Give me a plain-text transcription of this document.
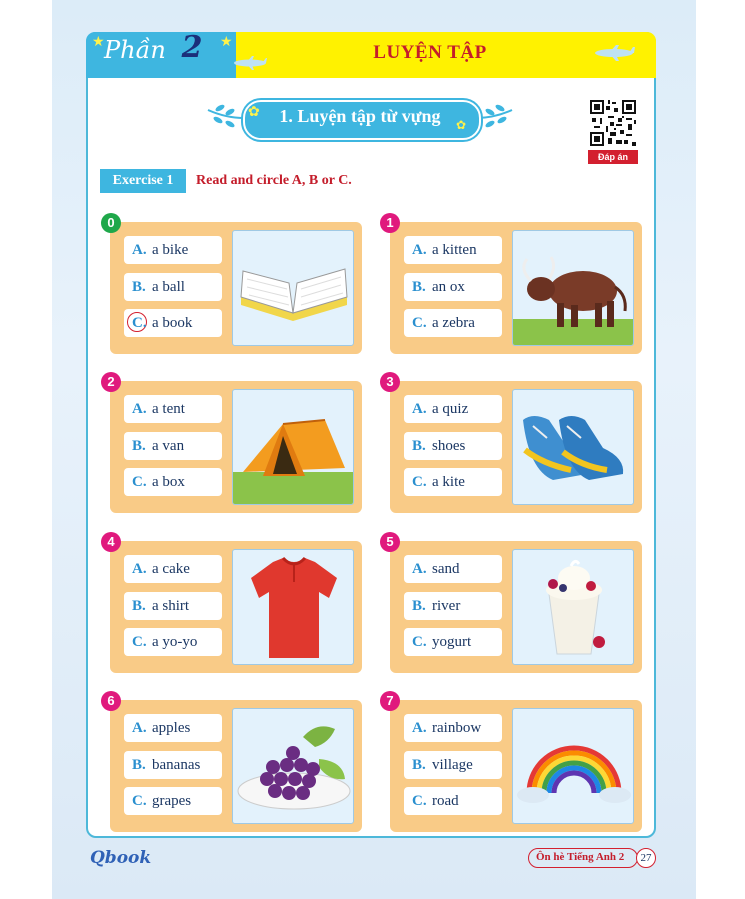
★	★
Phần 2	LUYỆN TẬP
1. Luyện tập từ vựng
✿
✿
Đáp án
Exercise 1	Read and circle A, B or C.
A. a bike
B. a ball
C. a book
0
A. a kitten
B. an ox
C. a zebra
1
A. a tent
B. a van
C. a box
2
A. a quiz
B. shoes
C. a kite
3
A. a cake
B. a shirt
C. a yo-yo
4
A. sand
B. river
C. yogurt
5
A. apples
B. bananas
C. grapes
6
A. rainbow
B. village
C. road
7
Qbook	Ôn hè Tiếng Anh 2	27
